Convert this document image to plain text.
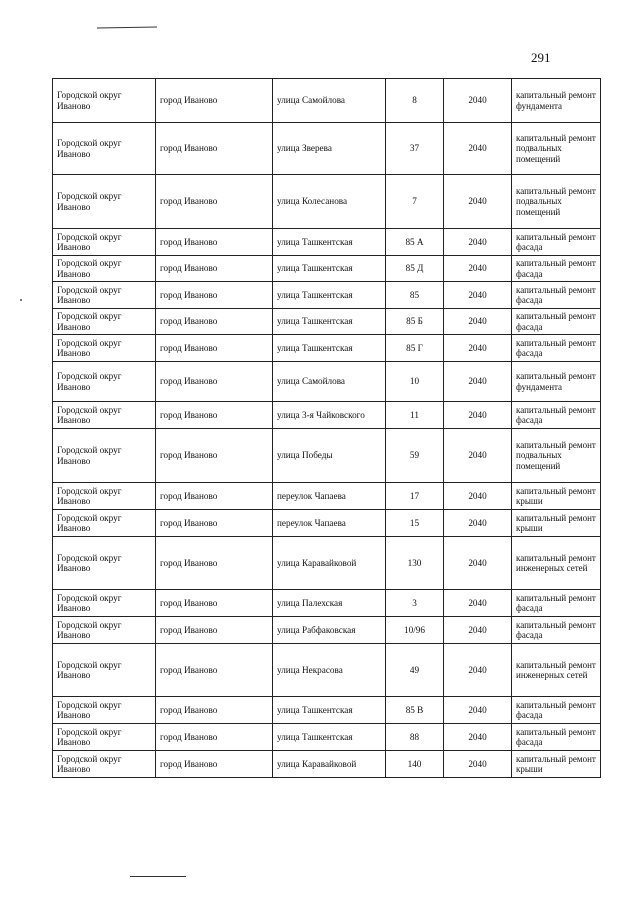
291
Городской округ Иваново	город Иваново	улица Самойлова	8	2040	капитальный ремонт фундамента
Городской округ Иваново	город Иваново	улица Зверева	37	2040	капитальный ремонт подвальных помещений
Городской округ Иваново	город Иваново	улица Колесанова	7	2040	капитальный ремонт подвальных помещений
Городской округ Иваново	город Иваново	улица Ташкентская	85 А	2040	капитальный ремонт фасада
Городской округ Иваново	город Иваново	улица Ташкентская	85 Д	2040	капитальный ремонт фасада
Городской округ Иваново	город Иваново	улица Ташкентская	85	2040	капитальный ремонт фасада
Городской округ Иваново	город Иваново	улица Ташкентская	85 Б	2040	капитальный ремонт фасада
Городской округ Иваново	город Иваново	улица Ташкентская	85 Г	2040	капитальный ремонт фасада
Городской округ Иваново	город Иваново	улица Самойлова	10	2040	капитальный ремонт фундамента
Городской округ Иваново	город Иваново	улица 3-я Чайковского	11	2040	капитальный ремонт фасада
Городской округ Иваново	город Иваново	улица Победы	59	2040	капитальный ремонт подвальных помещений
Городской округ Иваново	город Иваново	переулок Чапаева	17	2040	капитальный ремонт крыши
Городской округ Иваново	город Иваново	переулок Чапаева	15	2040	капитальный ремонт крыши
Городской округ Иваново	город Иваново	улица Каравайковой	130	2040	капитальный ремонт инженерных сетей
Городской округ Иваново	город Иваново	улица Палехская	3	2040	капитальный ремонт фасада
Городской округ Иваново	город Иваново	улица Рабфаковская	10/96	2040	капитальный ремонт фасада
Городской округ Иваново	город Иваново	улица Некрасова	49	2040	капитальный ремонт инженерных сетей
Городской округ Иваново	город Иваново	улица Ташкентская	85 В	2040	капитальный ремонт фасада
Городской округ Иваново	город Иваново	улица Ташкентская	88	2040	капитальный ремонт фасада
Городской округ Иваново	город Иваново	улица Каравайковой	140	2040	капитальный ремонт крыши
